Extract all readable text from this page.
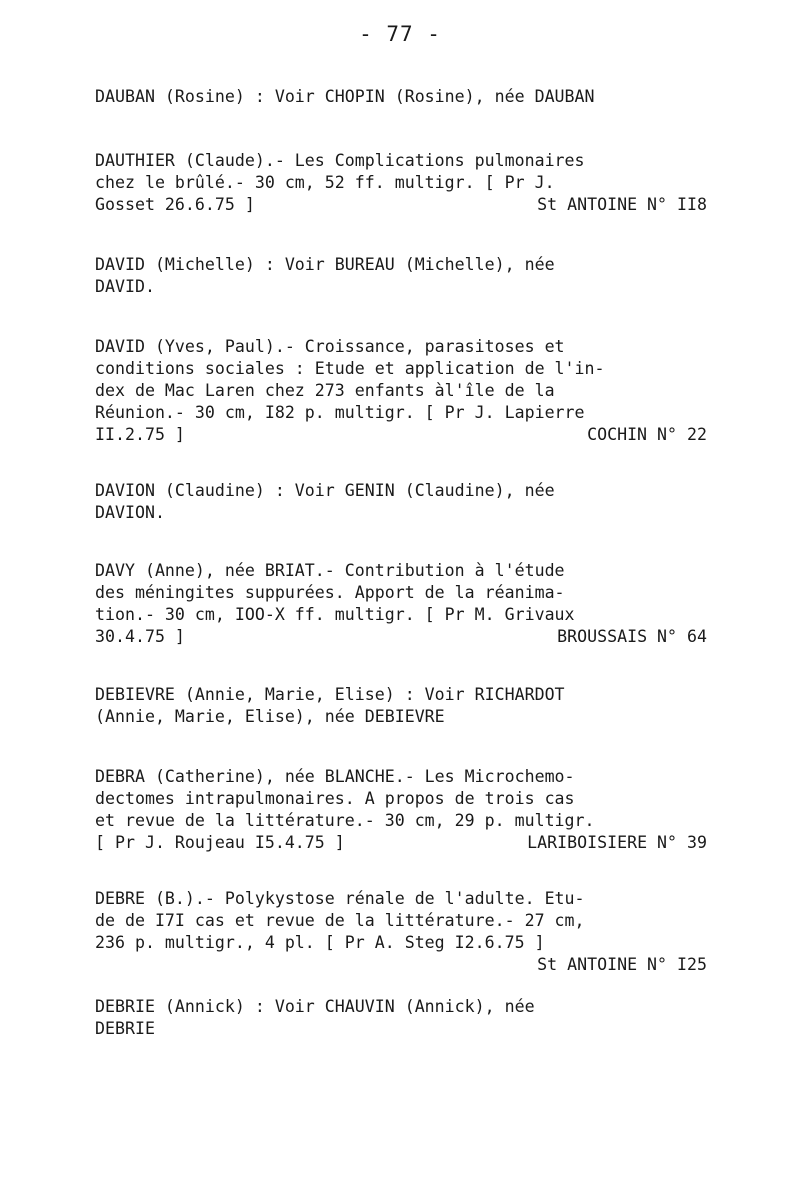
- 77 -
DAUBAN (Rosine) : Voir CHOPIN (Rosine), née DAUBAN
DAUTHIER (Claude).- Les Complications pulmonaires
chez le brûlé.- 30 cm, 52 ff. multigr. [ Pr J.
Gosset 26.6.75 ]	St ANTOINE N° II8
DAVID (Michelle) : Voir BUREAU (Michelle), née
DAVID.
DAVID (Yves, Paul).- Croissance, parasitoses et
conditions sociales : Etude et application de l'in-
dex de Mac Laren chez 273 enfants àl'île de la
Réunion.- 30 cm, I82 p. multigr. [ Pr J. Lapierre
II.2.75 ]	COCHIN N° 22
DAVION (Claudine) : Voir GENIN (Claudine), née
DAVION.
DAVY (Anne), née BRIAT.- Contribution à l'étude
des méningites suppurées. Apport de la réanima-
tion.- 30 cm, IOO-X ff. multigr. [ Pr M. Grivaux
30.4.75 ]	BROUSSAIS N° 64
DEBIEVRE (Annie, Marie, Elise) : Voir RICHARDOT
(Annie, Marie, Elise), née DEBIEVRE
DEBRA (Catherine), née BLANCHE.- Les Microchemo-
dectomes intrapulmonaires. A propos de trois cas
et revue de la littérature.- 30 cm, 29 p. multigr.
[ Pr J. Roujeau I5.4.75 ]	LARIBOISIERE N° 39
DEBRE (B.).- Polykystose rénale de l'adulte. Etu-
de de I7I cas et revue de la littérature.- 27 cm,
236 p. multigr., 4 pl. [ Pr A. Steg I2.6.75 ]
St ANTOINE N° I25
DEBRIE (Annick) : Voir CHAUVIN (Annick), née
DEBRIE
